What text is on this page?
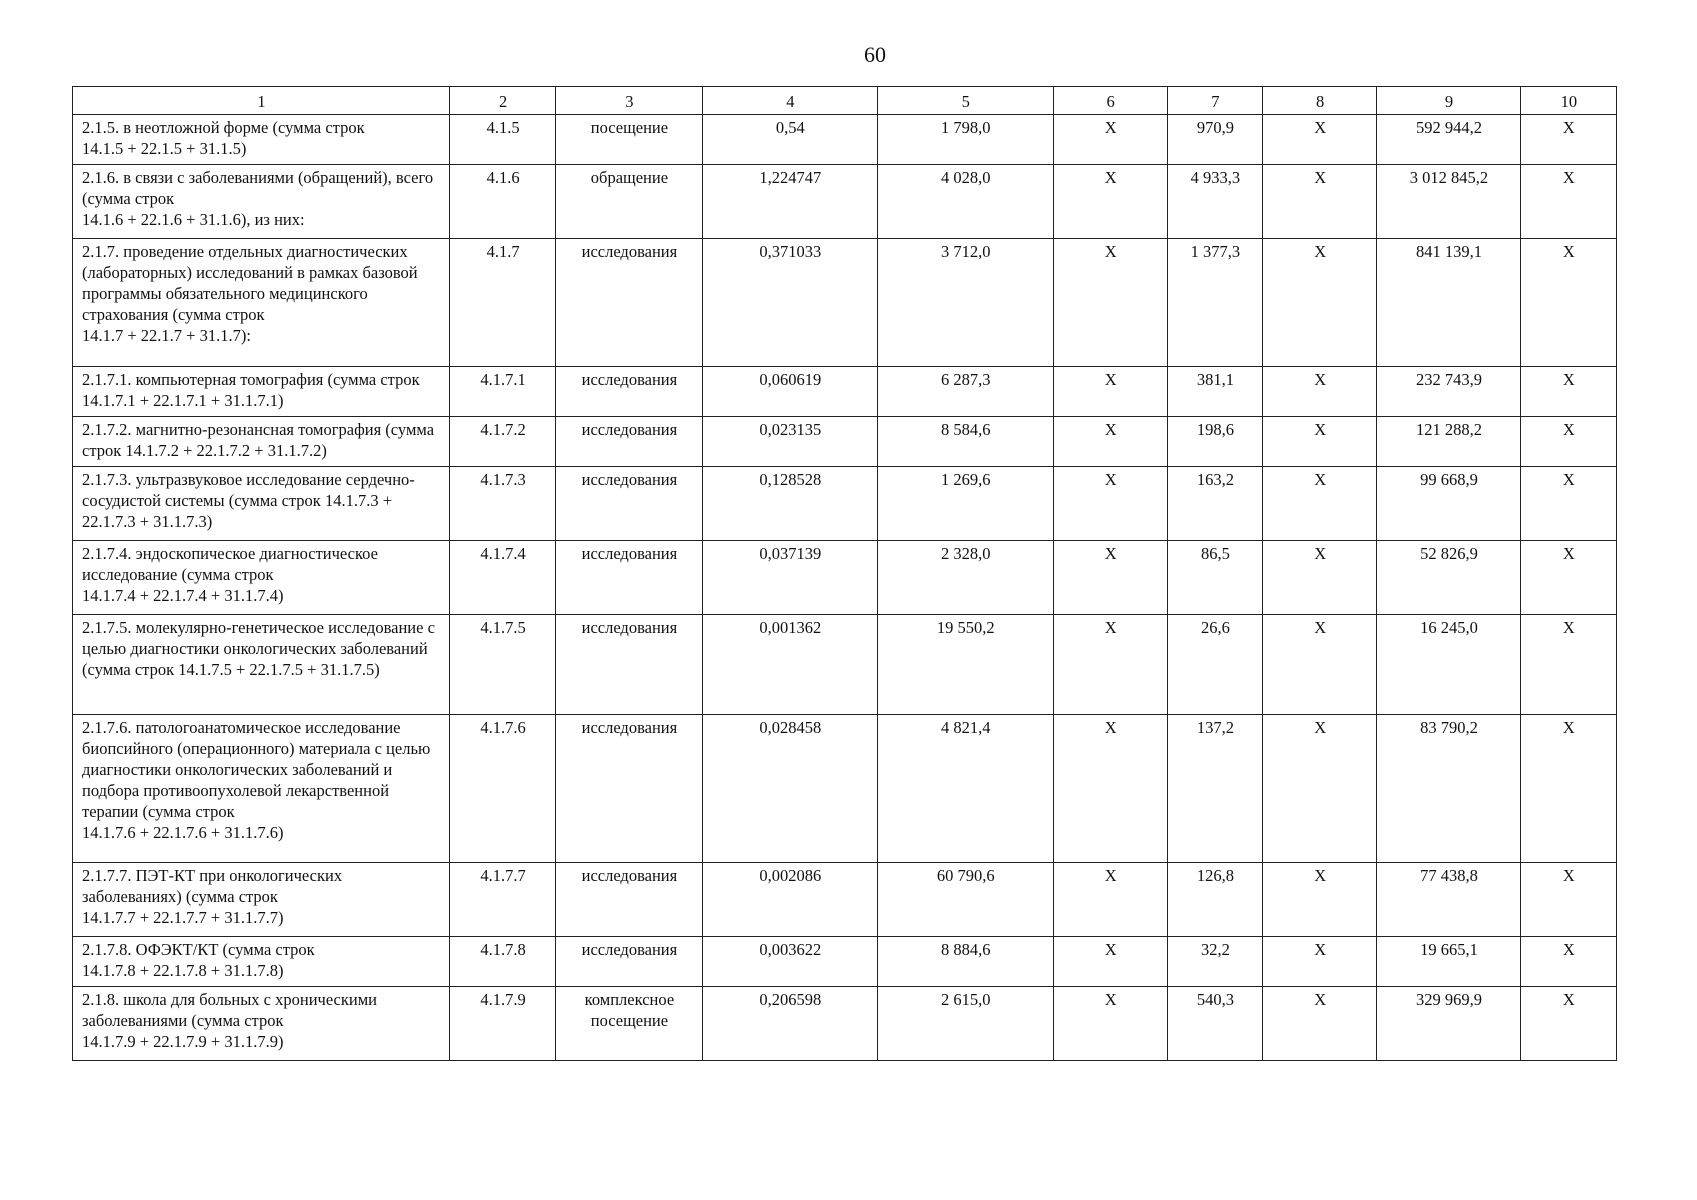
60
1	2	3	4	5	6	7	8	9	10
2.1.5. в неотложной форме (сумма строк
14.1.5 + 22.1.5 + 31.1.5)	4.1.5	посещение	0,54	1 798,0	X	970,9	X	592 944,2	X
2.1.6. в связи с заболеваниями (обращений), всего (сумма строк
14.1.6 + 22.1.6 + 31.1.6), из них:	4.1.6	обращение	1,224747	4 028,0	X	4 933,3	X	3 012 845,2	X
2.1.7. проведение отдельных диагностических (лабораторных) исследований в рамках базовой программы обязательного медицинского страхования (сумма строк
14.1.7 + 22.1.7 + 31.1.7):	4.1.7	исследования	0,371033	3 712,0	X	1 377,3	X	841 139,1	X
2.1.7.1. компьютерная томография (сумма строк 14.1.7.1 + 22.1.7.1 + 31.1.7.1)	4.1.7.1	исследования	0,060619	6 287,3	X	381,1	X	232 743,9	X
2.1.7.2. магнитно-резонансная томография (сумма строк 14.1.7.2 + 22.1.7.2 + 31.1.7.2)	4.1.7.2	исследования	0,023135	8 584,6	X	198,6	X	121 288,2	X
2.1.7.3. ультразвуковое исследование сердечно-сосудистой системы (сумма строк 14.1.7.3 + 22.1.7.3 + 31.1.7.3)	4.1.7.3	исследования	0,128528	1 269,6	X	163,2	X	99 668,9	X
2.1.7.4. эндоскопическое диагностическое исследование (сумма строк
14.1.7.4 + 22.1.7.4 + 31.1.7.4)	4.1.7.4	исследования	0,037139	2 328,0	X	86,5	X	52 826,9	X
2.1.7.5. молекулярно-генетическое исследование с целью диагностики онкологических заболеваний (сумма строк 14.1.7.5 + 22.1.7.5 + 31.1.7.5)	4.1.7.5	исследования	0,001362	19 550,2	X	26,6	X	16 245,0	X
2.1.7.6. патологоанатомическое исследование биопсийного (операционного) материала с целью диагностики онкологических заболеваний и подбора противоопухолевой лекарственной терапии (сумма строк
14.1.7.6 + 22.1.7.6 + 31.1.7.6)	4.1.7.6	исследования	0,028458	4 821,4	X	137,2	X	83 790,2	X
2.1.7.7. ПЭТ-КТ при онкологических заболеваниях) (сумма строк
14.1.7.7 + 22.1.7.7 + 31.1.7.7)	4.1.7.7	исследования	0,002086	60 790,6	X	126,8	X	77 438,8	X
2.1.7.8. ОФЭКТ/КТ (сумма строк
14.1.7.8 + 22.1.7.8 + 31.1.7.8)	4.1.7.8	исследования	0,003622	8 884,6	X	32,2	X	19 665,1	X
2.1.8. школа для больных с хроническими заболеваниями (сумма строк
14.1.7.9 + 22.1.7.9 + 31.1.7.9)	4.1.7.9	комплексное посещение	0,206598	2 615,0	X	540,3	X	329 969,9	X
